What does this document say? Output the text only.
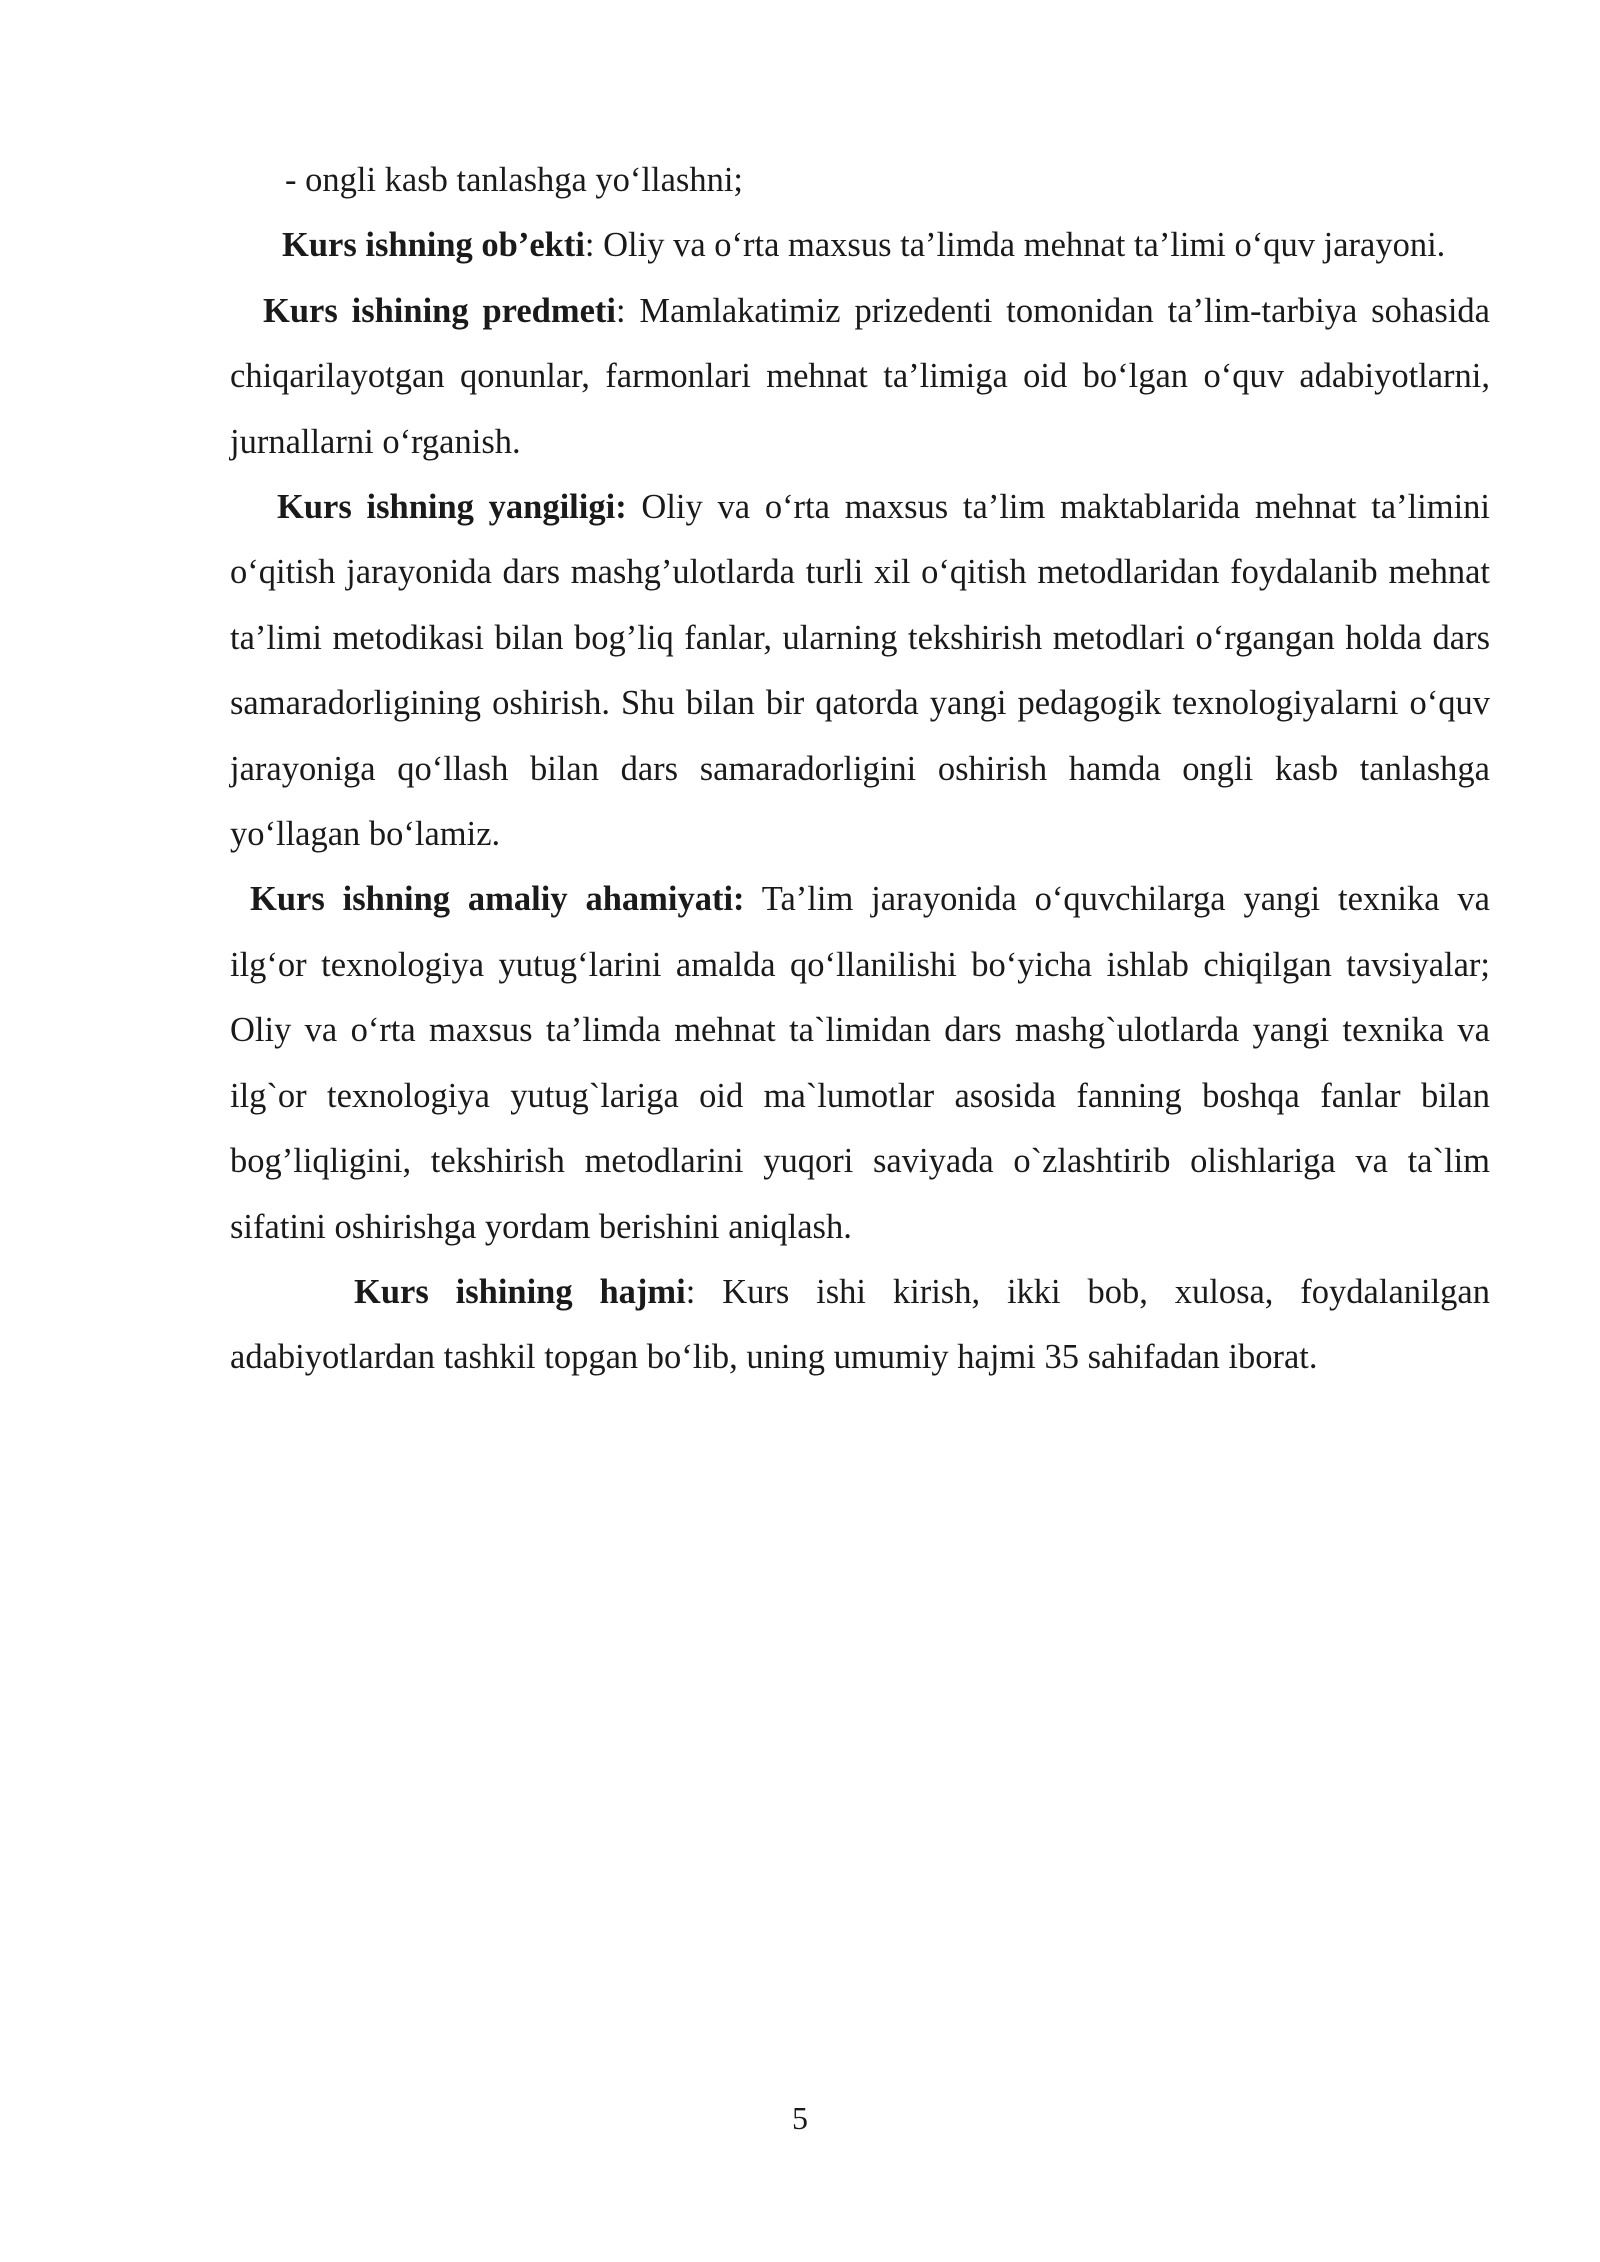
- ongli kasb tanlashga yo‘llashni;

Kurs ishning ob’ekti: Oliy va o‘rta maxsus ta’limda mehnat ta’limi o‘quv jarayoni.

Kurs ishining predmeti: Mamlakatimiz prizedenti tomonidan ta’lim-tarbiya sohasida chiqarilayotgan qonunlar, farmonlari mehnat ta’limiga oid bo‘lgan o‘quv adabiyotlarni, jurnallarni o‘rganish.

Kurs ishning yangiligi: Oliy va o‘rta maxsus ta’lim maktablarida mehnat ta’limini o‘qitish jarayonida dars mashg’ulotlarda turli xil o‘qitish metodlaridan foydalanib mehnat ta’limi metodikasi bilan bog’liq fanlar, ularning tekshirish metodlari o‘rgangan holda dars samaradorligining oshirish. Shu bilan bir qatorda yangi pedagogik texnologiyalarni o‘quv jarayoniga qo‘llash bilan dars samaradorligini oshirish hamda ongli kasb tanlashga yo‘llagan bo‘lamiz.

Kurs ishning amaliy ahamiyati: Ta’lim jarayonida o‘quvchilarga yangi texnika va ilg‘or texnologiya yutug‘larini amalda qo‘llanilishi bo‘yicha ishlab chiqilgan tavsiyalar; Oliy va o‘rta maxsus ta’limda mehnat ta`limidan dars mashg`ulotlarda yangi texnika va ilg`or texnologiya yutug`lariga oid ma`lumotlar asosida fanning boshqa fanlar bilan bog’liqligini, tekshirish metodlarini yuqori saviyada o`zlashtirib olishlariga va ta`lim sifatini oshirishga yordam berishini aniqlash.

Kurs ishining hajmi: Kurs ishi kirish, ikki bob, xulosa, foydalanilgan adabiyotlardan tashkil topgan bo‘lib, uning umumiy hajmi 35 sahifadan iborat.

5
